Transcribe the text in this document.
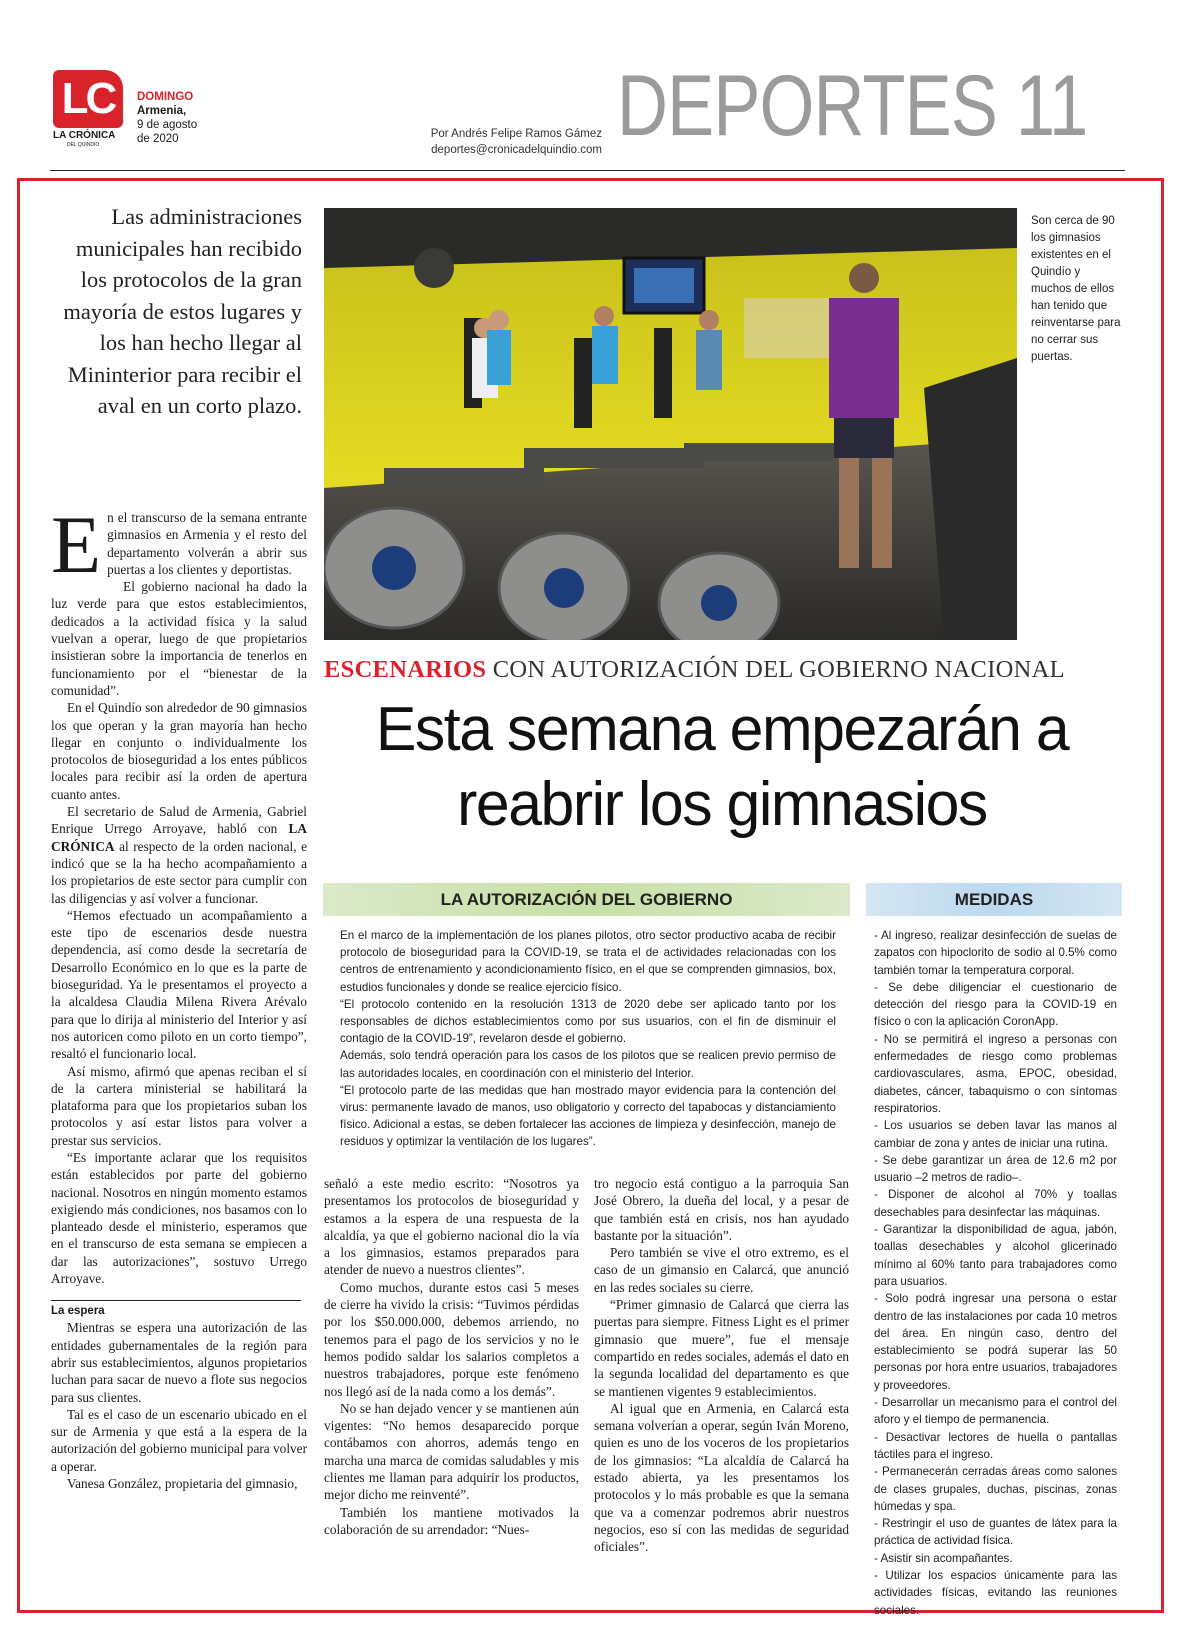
LC
LA CRÓNICA
DEL QUINDÍO
DOMINGO
Armenia,
9 de agosto
de 2020	Por Andrés Felipe Ramos Gámez
deportes@cronicadelquindio.com DEPORTES 11
Las administraciones municipales han recibido los protocolos de la gran mayoría de estos lugares y los han hecho llegar al Mininterior para recibir el aval en un corto plazo.
Son cerca de 90 los gimnasios existentes en el Quindío y muchos de ellos han tenido que reinventarse para no cerrar sus puertas.
ESCENARIOS CON AUTORIZACIÓN DEL GOBIERNO NACIONAL
Esta semana empezarán a
reabrir los gimnasios

En el transcurso de la semana entrante gimnasios en Armenia y el resto del departamento volverán a abrir sus puertas a los clientes y deportistas.

El gobierno nacional ha dado la luz verde para que estos establecimientos, dedicados a la actividad física y la salud vuelvan a operar, luego de que propietarios insistieran sobre la importancia de tenerlos en funcionamiento por el “bienestar de la comunidad”.

En el Quindío son alrededor de 90 gimnasios los que operan y la gran mayoría han hecho llegar en conjunto o individualmente los protocolos de bioseguridad a los entes públicos locales para recibir así la orden de apertura cuanto antes.

El secretario de Salud de Armenia, Gabriel Enrique Urrego Arroyave, habló con LA CRÓNICA al respecto de la orden nacional, e indicó que se la ha hecho acompañamiento a los propietarios de este sector para cumplir con las diligencias y así volver a funcionar.

“Hemos efectuado un acompañamiento a este tipo de escenarios desde nuestra dependencia, así como desde la secretaría de Desarrollo Económico en lo que es la parte de bioseguridad. Ya le presentamos el proyecto a la alcaldesa Claudia Milena Rivera Arévalo para que lo dirija al ministerio del Interior y así nos autoricen como piloto en un corto tiempo”, resaltó el funcionario local.

Así mismo, afirmó que apenas reciban el sí de la cartera ministerial se habilitará la plataforma para que los propietarios suban los protocolos y así estar listos para volver a prestar sus servicios.

“Es importante aclarar que los requisitos están establecidos por parte del gobierno nacional. Nosotros en ningún momento estamos exigiendo más condiciones, nos basamos con lo planteado desde el ministerio, esperamos que en el transcurso de esta semana se empiecen a dar las autorizaciones”, sostuvo Urrego Arroyave.

La espera

Mientras se espera una autorización de las entidades gubernamentales de la región para abrir sus establecimientos, algunos propietarios luchan para sacar de nuevo a flote sus negocios para sus clientes.

Tal es el caso de un escenario ubicado en el sur de Armenia y que está a la espera de la autorización del gobierno municipal para volver a operar.

Vanesa González, propietaria del gimnasio,

LA AUTORIZACIÓN DEL GOBIERNO	MEDIDAS

En el marco de la implementación de los planes pilotos, otro sector productivo acaba de recibir protocolo de bioseguridad para la COVID-19, se trata el de actividades relacionadas con los centros de entrenamiento y acondicionamiento físico, en el que se comprenden gimnasios, box, estudios funcionales y donde se realice ejercicio físico.

“El protocolo contenido en la resolución 1313 de 2020 debe ser aplicado tanto por los responsables de dichos establecimientos como por sus usuarios, con el fin de disminuir el contagio de la COVID-19”, revelaron desde el gobierno.

Además, solo tendrá operación para los casos de los pilotos que se realicen previo permiso de las autoridades locales, en coordinación con el ministerio del Interior.

“El protocolo parte de las medidas que han mostrado mayor evidencia para la contención del virus: permanente lavado de manos, uso obligatorio y correcto del tapabocas y distanciamiento físico. Adicional a estas, se deben fortalecer las acciones de limpieza y desinfección, manejo de residuos y optimizar la ventilación de los lugares”.

señaló a este medio escrito: “Nosotros ya presentamos los protocolos de bioseguridad y estamos a la espera de una respuesta de la alcaldía, ya que el gobierno nacional dio la vía a los gimnasios, estamos preparados para atender de nuevo a nuestros clientes”.

Como muchos, durante estos casi 5 meses de cierre ha vivido la crisis: “Tuvimos pérdidas por los $50.000.000, debemos arriendo, no tenemos para el pago de los servicios y no le hemos podido saldar los salarios completos a nuestros trabajadores, porque este fenómeno nos llegó así de la nada como a los demás”.

No se han dejado vencer y se mantienen aún vigentes: “No hemos desaparecido porque contábamos con ahorros, además tengo en marcha una marca de comidas saludables y mis clientes me llaman para adquirir los productos, mejor dicho me reinventé”.

También los mantiene motivados la colaboración de su arrendador: “Nues-

tro negocio está contiguo a la parroquia San José Obrero, la dueña del local, y a pesar de que también está en crisis, nos han ayudado bastante por la situación”.

Pero también se vive el otro extremo, es el caso de un gimansio en Calarcá, que anunció en las redes sociales su cierre.

“Primer gimnasio de Calarcá que cierra las puertas para siempre. Fitness Light es el primer gimnasio que muere”, fue el mensaje compartido en redes sociales, además el dato en la segunda localidad del departamento es que se mantienen vigentes 9 establecimientos.

Al igual que en Armenia, en Calarcá esta semana volverían a operar, según Iván Moreno, quien es uno de los voceros de los propietarios de los gimnasios: “La alcaldía de Calarcá ha estado abierta, ya les presentamos los protocolos y lo más probable es que la semana que va a comenzar podremos abrir nuestros negocios, eso sí con las medidas de seguridad oficiales”.

- Al ingreso, realizar desinfección de suelas de zapatos con hipoclorito de sodio al 0.5% como también tomar la temperatura corporal.

- Se debe diligenciar el cuestionario de detección del riesgo para la COVID-19 en físico o con la aplicación CoronApp.

- No se permitirá el ingreso a personas con enfermedades de riesgo como problemas cardiovasculares, asma, EPOC, obesidad, diabetes, cáncer, tabaquismo o con síntomas respiratorios.

- Los usuarios se deben lavar las manos al cambiar de zona y antes de iniciar una rutina.

- Se debe garantizar un área de 12.6 m2 por usuario –2 metros de radio–.

- Disponer de alcohol al 70% y toallas desechables para desinfectar las máquinas.

- Garantizar la disponibilidad de agua, jabón, toallas desechables y alcohol glicerinado mínimo al 60% tanto para trabajadores como para usuarios.

- Solo podrá ingresar una persona o estar dentro de las instalaciones por cada 10 metros del área. En ningún caso, dentro del establecimiento se podrá superar las 50 personas por hora entre usuarios, trabajadores y proveedores.

- Desarrollar un mecanismo para el control del aforo y el tiempo de permanencia.

- Desactivar lectores de huella o pantallas táctiles para el ingreso.

- Permanecerán cerradas áreas como salones de clases grupales, duchas, piscinas, zonas húmedas y spa.

- Restringir el uso de guantes de látex para la práctica de actividad física.

- Asistir sin acompañantes.

- Utilizar los espacios únicamente para las actividades físicas, evitando las reuniones sociales.
